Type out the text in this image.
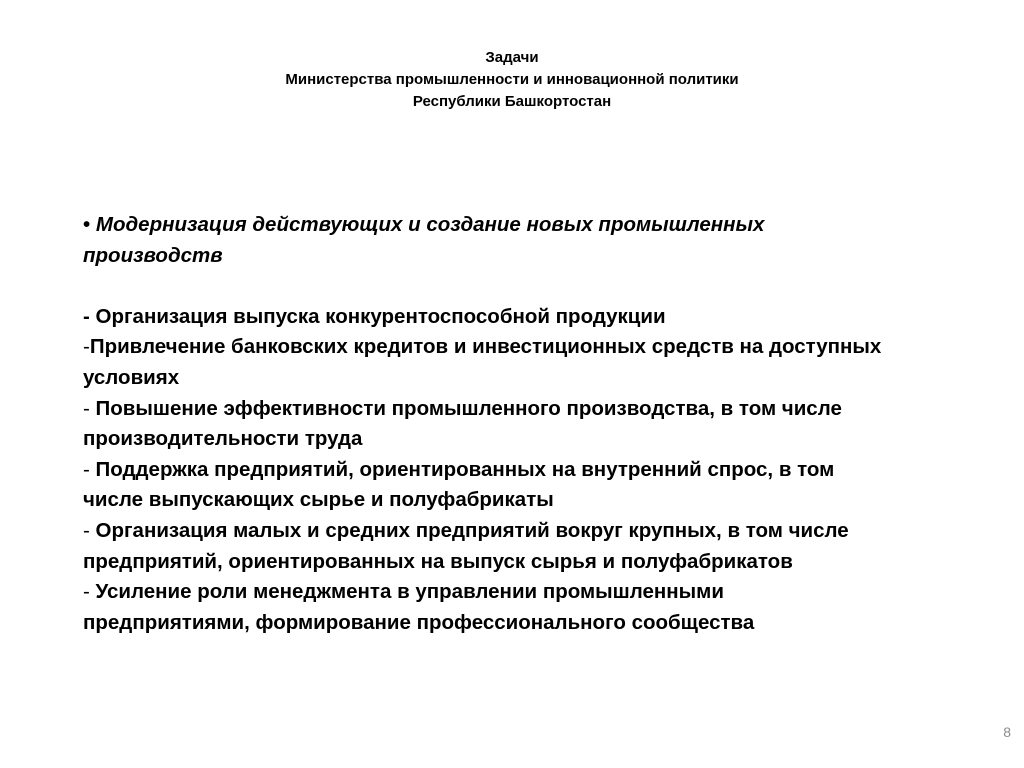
Задачи
Министерства промышленности и инновационной политики
Республики Башкортостан
• Модернизация действующих и создание новых промышленных
производств
- Организация выпуска конкурентоспособной продукции
-Привлечение банковских кредитов и инвестиционных средств на доступных
условиях
- Повышение эффективности промышленного производства, в том числе
производительности труда
- Поддержка предприятий, ориентированных на внутренний спрос, в том
числе выпускающих сырье и полуфабрикаты
- Организация малых и средних предприятий вокруг крупных, в том числе
предприятий, ориентированных на выпуск сырья и полуфабрикатов
- Усиление роли менеджмента в управлении промышленными
предприятиями, формирование профессионального сообщества
8
